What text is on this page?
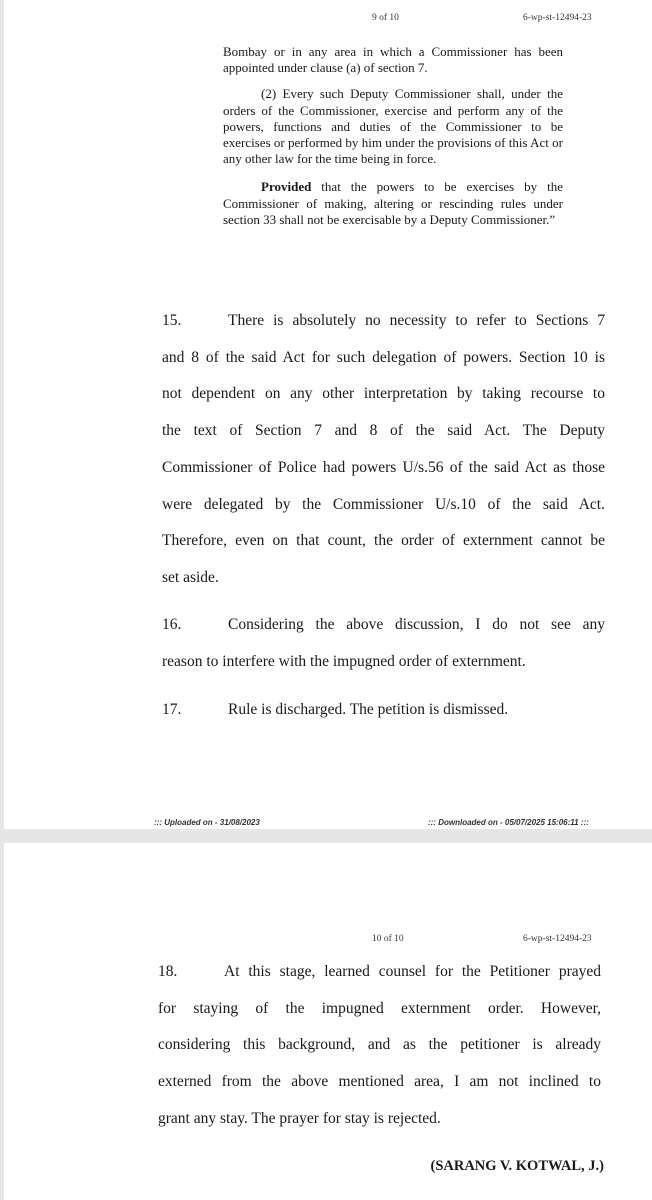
9 of 10	6-wp-st-12494-23

Bombay or in any area in which a Commissioner has been appointed under clause (a) of section 7.

(2) Every such Deputy Commissioner shall, under the orders of the Commissioner, exercise and perform any of the powers, functions and duties of the Commissioner to be exercises or performed by him under the provisions of this Act or any other law for the time being in force.

Provided that the powers to be exercises by the Commissioner of making, altering or rescinding rules under section 33 shall not be exercisable by a Deputy Commissioner.”

15.	There is absolutely no necessity to refer to Sections 7
and 8 of the said Act for such delegation of powers. Section 10 is
not dependent on any other interpretation by taking recourse to
the text of Section 7 and 8 of the said Act. The Deputy
Commissioner of Police had powers U/s.56 of the said Act as those
were delegated by the Commissioner U/s.10 of the said Act.
Therefore, even on that count, the order of externment cannot be
set aside.
16.	Considering the above discussion, I do not see any
reason to interfere with the impugned order of externment.
17.	Rule is discharged. The petition is dismissed.
::: Uploaded on - 31/08/2023	::: Downloaded on - 05/07/2025 15:06:11 :::
10 of 10	6-wp-st-12494-23
18.	At this stage, learned counsel for the Petitioner prayed
for staying of the impugned externment order. However,
considering this background, and as the petitioner is already
externed from the above mentioned area, I am not inclined to
grant any stay. The prayer for stay is rejected.
(SARANG V. KOTWAL, J.)
